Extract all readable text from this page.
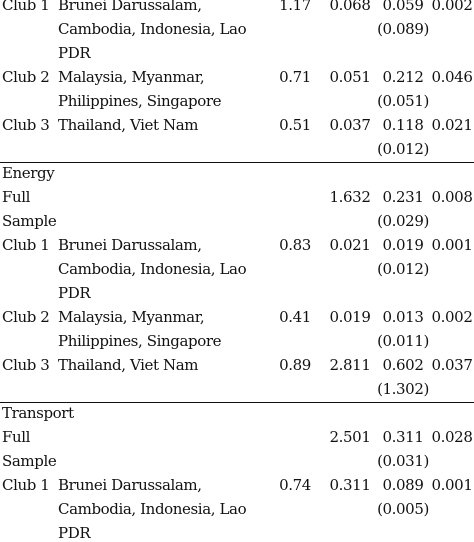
Club 1 Brunei Darussalam,
Cambodia, Indonesia, Lao
PDR
1.17 0.068 0.059
(0.089)
0.002
Club 2 Malaysia, Myanmar,
Philippines, Singapore
0.71 0.051 0.212
(0.051)
0.046
Club 3 Thailand, Viet Nam	0.51 0.037 0.118
(0.012)
0.021
Energy
Full
Sample
1.632 0.231
(0.029)
0.008
Club 1 Brunei Darussalam,
Cambodia, Indonesia, Lao
PDR
0.83 0.021 0.019
(0.012)
0.001
Club 2 Malaysia, Myanmar,
Philippines, Singapore
0.41 0.019 0.013
(0.011)
0.002
Club 3 Thailand, Viet Nam	0.89 2.811 0.602
(1.302)
0.037
Transport
Full
Sample
2.501 0.311
(0.031)
0.028
Club 1 Brunei Darussalam,
Cambodia, Indonesia, Lao
PDR
0.74 0.311 0.089
(0.005)
0.001
